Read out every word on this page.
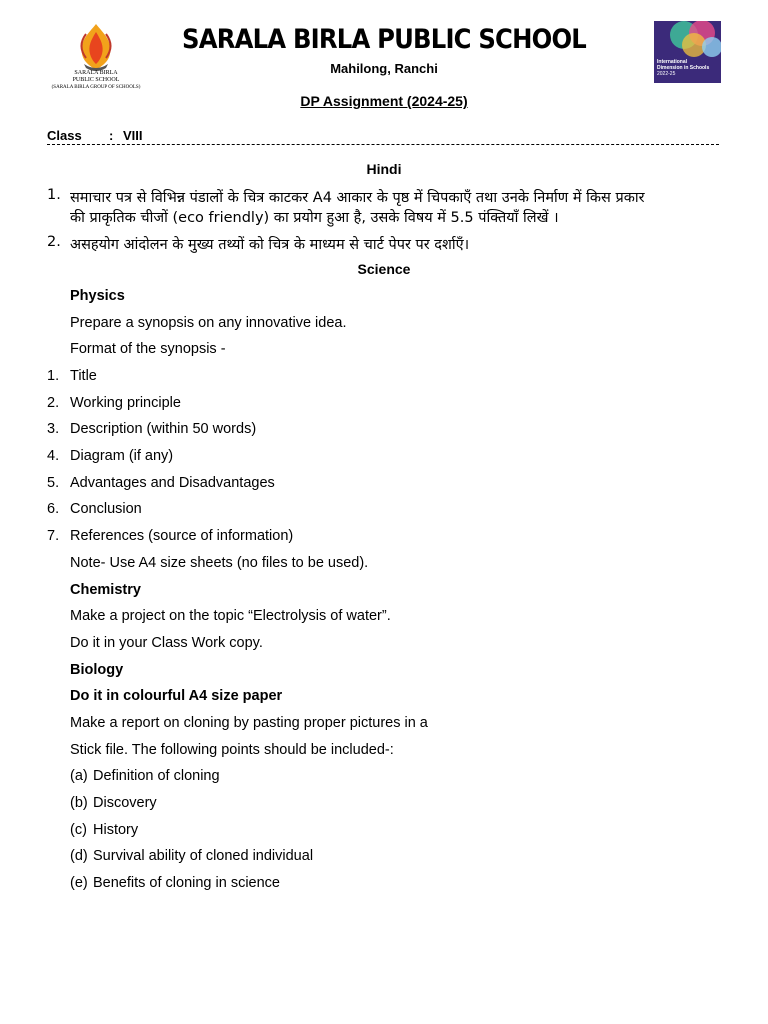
SARALA BIRLA
PUBLIC SCHOOL
(SARALA BIRLA GROUP OF SCHOOLS)
International
Dimension in Schools
2022-25
SARALA BIRLA PUBLIC SCHOOL
Mahilong, Ranchi
DP Assignment (2024-25)
Class : VIII
Hindi
1. समाचार पत्र से विभिन्न पंडालों के चित्र काटकर A4 आकार के पृष्ठ में चिपकाएँ तथा उनके निर्माण में किस प्रकार
की प्राकृतिक चीजों (eco friendly) का प्रयोग हुआ है, उसके विषय में 5.5 पंक्तियाँ लिखें ।
2. असहयोग आंदोलन के मुख्य तथ्यों को चित्र के माध्यम से चार्ट पेपर पर दर्शाएँ।
Science
Physics
Prepare a synopsis on any innovative idea.
Format of the synopsis -
1. Title
2. Working principle
3. Description (within 50 words)
4. Diagram (if any)
5. Advantages and Disadvantages
6. Conclusion
7. References (source of information)
Note- Use A4 size sheets (no files to be used).
Chemistry
Make a project on the topic “Electrolysis of water”.
Do it in your Class Work copy.
Biology
Do it in colourful A4 size paper
Make a report on cloning by pasting proper pictures in a
Stick file. The following points should be included-:
(a) Definition of cloning
(b) Discovery
(c) History
(d) Survival ability of cloned individual
(e) Benefits of cloning in science
